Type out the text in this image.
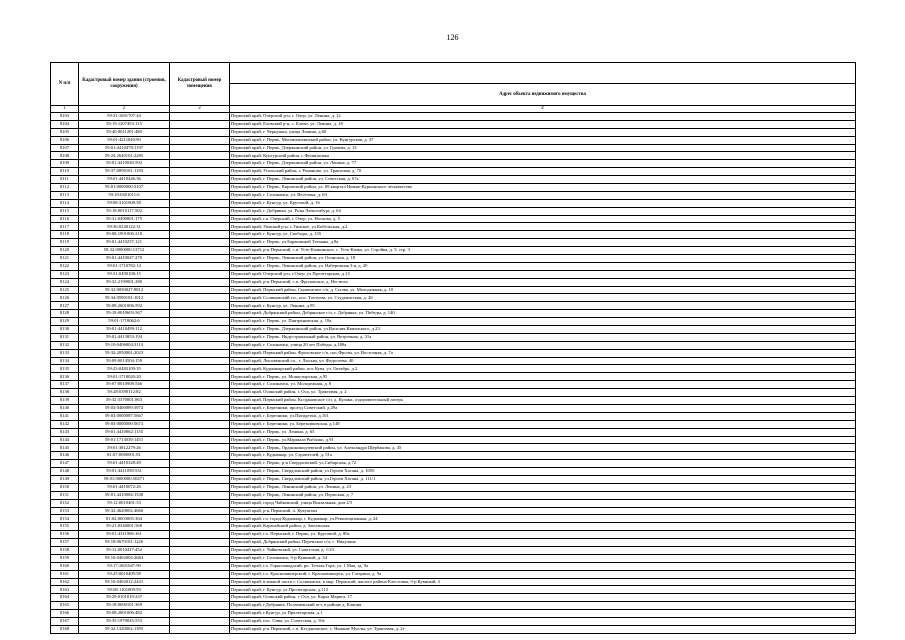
126
N п/п	Кадастровый номер здания (строения, сооружения)	Кадастровый номер помещения	
			Адрес объекта недвижимого имущества
1	2	3	4
8103	59:31:1691707:44		Пермский край, Очерский р-н, г. Очер, ул. Ленина, д. 12
8104	59:19:1207493:115		Пермский край, Еловский р-н, с. Елово, ул. Ленина, д. 18
8105	59:40:0011201:480		Пермский край, г. Чернушка, улица Ленина, д.60
8106	59:01:4211840:90		Пермский край, г. Пермь, Мотовилихинский район, ул. Кунгурская, д. 37
8107	59:01:4410478:1197		Пермский край, г. Пермь, Дзержинский район, ул. Грачева, д. 13
8108	59:24:2640101:2285		Пермский край, Кунгурский район, с.Филипповка
8109	59:01:4410040:592		Пермский край, г. Пермь, Дзержинский район, ул. Ленина, д. 77
8110	59:37:0890101:1183		Пермский край, Усольский район, г. Романово, ул. Трактовая, д. 70
8111	59:01:4410446:36		Пермский край, г. Пермь, Ленинский район, ул. Советская, д. 67а
8112	59:01:0000000:3107		Пермский край, г. Пермь, Кировский район, ул. 69 квартал Нижне-Курьинского лесничества
8113	59:10:0401011:6		Пермский край, г. Соликамск, ул. Весёлчка, д. 63
8114	59:08:3101008:58		Пермский край, г. Кунгур, ул. Круговой, д. 16
8115	59:18:0010117:502		Пермский край, г. Добрянка, ул. Розы Люксембург, д. 64
8116	59:31:0490801:175		Пермский край, г.п. Очерский, г. Очер, ул. Носкова, д. 5
8117	59:36:0240122:31		Пермский край, Уинский р-н, с.Уинское, ул.Кобёльская, д.2
8118	59:08:1901006:218		Пермский край, г. Кунгур, ул. Свободы, д. 135
8119	59:01:4410257:121		Пермский край, г. Пермь, ул.Баранчиной Татьяны, д.8а
8120	59:32:0000000:13712		Пермский край, р-н Пермский, с.п. Усть-Качкинское, с. Усть-Качка, ул. Стройка, д. 5, стр. 3
8121	59:01:4410047:270		Пермский край, г. Пермь, Ленинский район, ул. Осинская, д. 18
8122	59:01:1710782:14		Пермский край, г. Пермь, Ленинский район, ул. Набережная 3-я, д. 20
8123	59:31:0490108:15		Пермский край, Очерский р-н, г.Очер, ул.Пролетарская, д.13
8124	59:32:2190001:280		Пермский край, р-н Пермский, с.п. Фроловское, д. Нестюхо
8125	59:32:0050027:8812		Пермский край, Пермский район, Сылвенское с/п, д. Сылва, ул. Молодежная, д. 10
8126	59:34:0590101:1012		Пермский край, Соликамский г.п., пос. Тохтуева, ул. Студенческая, д. 26
8127	59:08:2601006:592		Пермский край, г. Кунгур, ул. Ленина, д.95
8128	59:18:0010603:567		Пермский край, Добрянский район, Добрянское г/п, г. Добрянка, ул. Победы, д. 140
8129	59:01:1718062:6		Пермский край, г. Пермь, ул. Пантреновская, д. 18а
8130	59:01:4410499:112		Пермский край, г. Пермь, Дзержинский район, ул.Василия Каменского, д.23
8131	59:01:4413853:194		Пермский край, г. Пермь, Индустриальный район, ул. Ветрочная, д. 31а
8132	59:10:0406004:3113		Пермский край, г. Соликамск, улица 20 лет Победы, д.180а
8133	59:32:2050001:2023		Пермский край, Пермский район, Фроловское с/п, пос.Фролы, ул. Восточная, д. 7а
8134	59:09:0014504:159		Пермский край, Лысьвенский г.о., г. Лысьва, ул. Федосеева, 40
8135	59:23:0483109:35		Пермский край, Кудымкарский район, пос.Кува, ул. Октябрь, д.2
8136	59:01:1718020:20		Пермский край, г. Пермь, ул. Монастырская, д.95
8137	59:07:0010908:546		Пермский край, г. Соликамск, ул. Молодежная, д. 8
8138	59:28:0390112:82		Пермский край, Осинский район, г. Оса, ул. Трактовая, д. 2
8139	59:32:3370001:863		Пермский край, Пермский район, Кг.гдановское с/п, д. Кулаки, оздоровительный лагерь
8140	59:03:0400089:3974		Пермский край, г. Березники, проезд Советский, д.29а
8141	59:03:0000087:5667		Пермский край, г. Березники, ул.Пятидетки, д.101
8142	59:03:0000000:5673		Пермский край, г. Березники, ул. Березниковская, д.148
8143	59:01:4410062:1155		Пермский край, г. Пермь, ул. Ленина, д. 65
8144	59:01:1713039:1451		Пермский край, г. Пермь, ул.Маршала Рыбалко, д.91
8145	59:01:3812279:26		Пермский край, г. Пермь, Орджоникидзевский район, ул. Александра Щербакова, д. 45
8146	81:07:0080001:81		Пермский край, г. Кудымкар, ул. Строителей, д. 51а
8147	59:01:4410328:49		Пермский край, г. Пермь, р-н Свердловский, ул.Сибирская, д.72
8148	59:01:4411058:531		Пермский край, г. Пермь, Свердловский район, ул.Героев Хасана, д. 105б
8149	59:01:0000000:50471		Пермский край, г. Пермь, Свердловский район, ул.Героев Хасана, д. 111/1
8150	59:01:4410072:26		Пермский край, г. Пермь, Ленинский район, ул. Ленина, д. 23
8151	59:01:4410084:1538		Пермский край, г. Пермь, Ленинский район, ул. Пермская, д. 7
8152	59:12:0010401:53		Пермский край, город Чайковский, улица Вокзальная, дом 2/5
8153	59:32:4620002:4660		Пермский край, р-н Пермский, п. Кукуштан
8154	81:02:0003005:304		Пермский край, г.о. город Кудымкар, г. Кудымкар, ул.Революционная, д. 24
8155	59:21:0340001:568		Пермский край, Карагайский район, д. Запольская
8156	59:01:4311906:161		Пермский край, г.о. Пермский, г. Пермь, ул. Круговой, д. 80а
8157	59:18:0670101:1226		Пермский край, Добрянский район, Перемское с/п, с. Никулино
8158	59:12:0010417:452		Пермский край, г. Чайковский, ул. Советская, д. 1/23
8159	59:10:0402004:2684		Пермский край, г. Соликамск, б-р Кувиный, д. 34
8160	59:17:1601047:90		Пермский край, г.о. Горнозаводский, рп. Теплая Гора, ул. 1 Мая, зд. 9а
8161	59:25:0010409:58		Пермский край, г.о. Красновишерский, г. Красновишерск, ул. Гагарина, д. 9а
8162	59:10:0402012:2441		Пермский край, в южной части г. Соликамска, в мкр. Пермский, жилого района Клестовка, б-р Кувиный, 3
8163	59:08:1101009:59		Пермский край, г. Кунгур, ул.Пролетарская, д.112
8164	59:29:0101019:237		Пермский край, Осинский район, г. Оса, ул. Карла Маркса, 17
8165	59:18:0690101:369		Пермский край, г.Добрянка, Полазненский пгт, в районе д. Кляпия
8166	59:08:2601006:482		Пермский край, г.Кунгур, ул.Пролетарская, д.1
8167	59:35:1970045:553		Пермский край, пос. Сива, ул. Советская, д. 10а
8168	59:32:1320002:1395		Пермский край, р-н Пермский, с.п. Кг.гдановское, с. Нижние Муллы, ул. Трактовая, д. 2г
